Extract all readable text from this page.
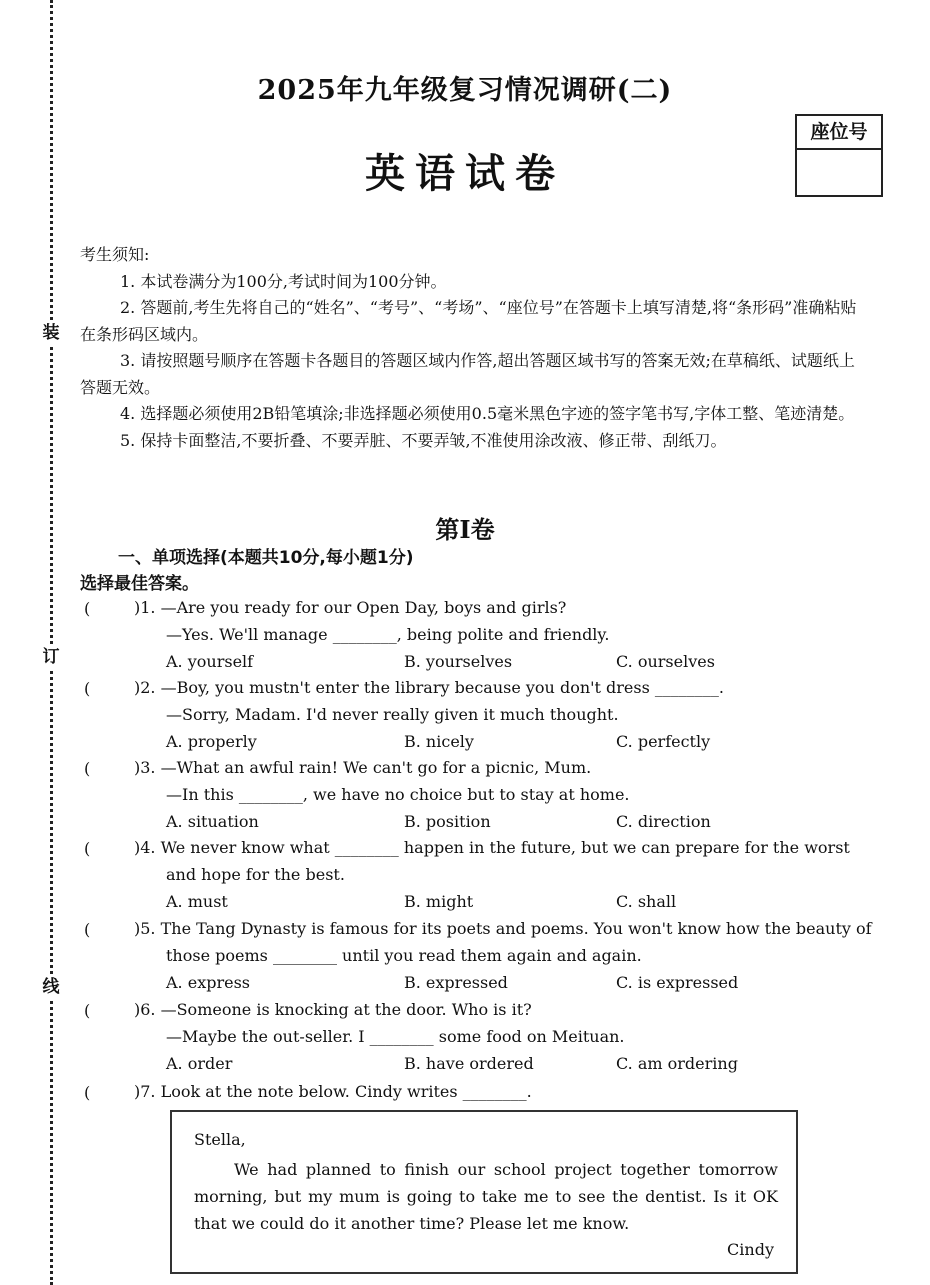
装
订
线
2025年九年级复习情况调研(二)
英语试卷
座位号

考生须知:

1. 本试卷满分为100分,考试时间为100分钟。

2. 答题前,考生先将自己的“姓名”、“考号”、“考场”、“座位号”在答题卡上填写清楚,将“条形码”准确粘贴在条形码区域内。

3. 请按照题号顺序在答题卡各题目的答题区域内作答,超出答题区域书写的答案无效;在草稿纸、试题纸上答题无效。

4. 选择题必须使用2B铅笔填涂;非选择题必须使用0.5毫米黑色字迹的签字笔书写,字体工整、笔迹清楚。

5. 保持卡面整洁,不要折叠、不要弄脏、不要弄皱,不准使用涂改液、修正带、刮纸刀。

第Ⅰ卷
一、单项选择(本题共10分,每小题1分)
选择最佳答案。
(	)1. —Are you ready for our Open Day, boys and girls?
—Yes. We'll manage ________, being polite and friendly.
A. yourself	B. yourselves	C. ourselves
(	)2. —Boy, you mustn't enter the library because you don't dress ________.
—Sorry, Madam. I'd never really given it much thought.
A. properly	B. nicely	C. perfectly
(	)3. —What an awful rain! We can't go for a picnic, Mum.
—In this ________, we have no choice but to stay at home.
A. situation	B. position	C. direction
(	)4. We never know what ________ happen in the future, but we can prepare for the worst
and hope for the best.
A. must	B. might	C. shall
(	)5. The Tang Dynasty is famous for its poets and poems. You won't know how the beauty of
those poems ________ until you read them again and again.
A. express	B. expressed	C. is expressed
(	)6. —Someone is knocking at the door. Who is it?
—Maybe the out-seller. I ________ some food on Meituan.
A. order	B. have ordered	C. am ordering
(	)7. Look at the note below. Cindy writes ________.
Stella,
We had planned to finish our school project together tomorrow morning, but my mum is going to take me to see the dentist. Is it OK that we could do it another time? Please let me know.
Cindy
